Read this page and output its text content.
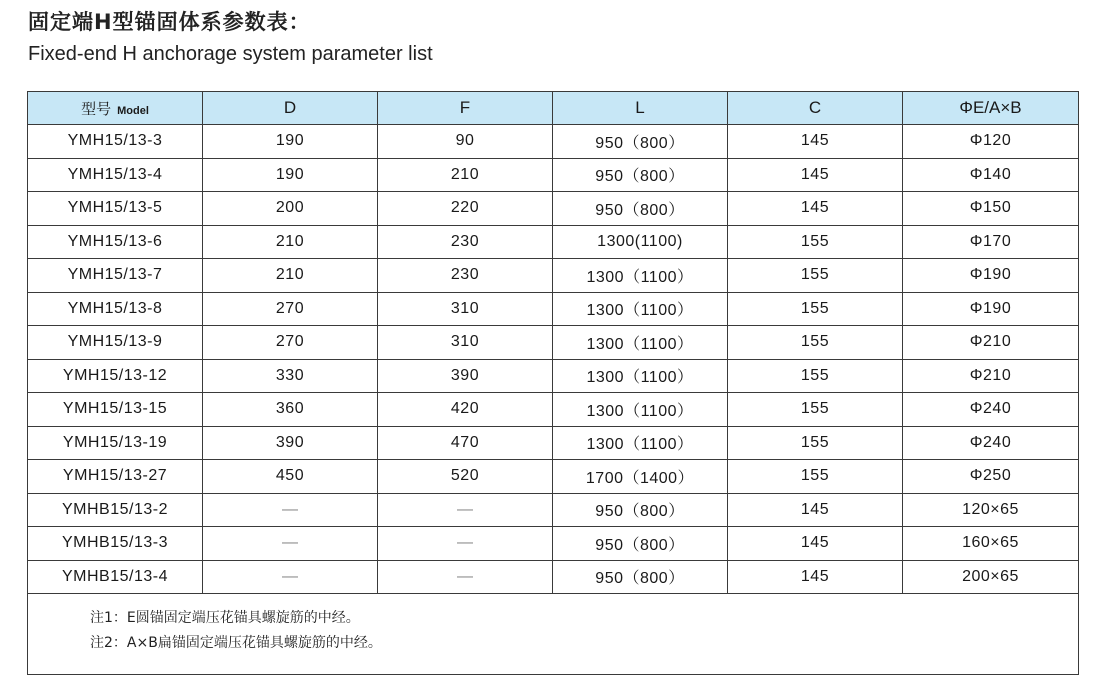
固定端H型锚固体系参数表：
Fixed-end H anchorage system parameter list
型号 Model	D	F	L	C	ΦE/A×B
YMH15/13-3	190	90	950（800）	145	Φ120
YMH15/13-4	190	210	950（800）	145	Φ140
YMH15/13-5	200	220	950（800）	145	Φ150
YMH15/13-6	210	230	1300(1100)	155	Φ170
YMH15/13-7	210	230	1300（1100）	155	Φ190
YMH15/13-8	270	310	1300（1100）	155	Φ190
YMH15/13-9	270	310	1300（1100）	155	Φ210
YMH15/13-12	330	390	1300（1100）	155	Φ210
YMH15/13-15	360	420	1300（1100）	155	Φ240
YMH15/13-19	390	470	1300（1100）	155	Φ240
YMH15/13-27	450	520	1700（1400）	155	Φ250
YMHB15/13-2	—	—	950（800）	145	120×65
YMHB15/13-3	—	—	950（800）	145	160×65
YMHB15/13-4	—	—	950（800）	145	200×65

注1：E圆锚固定端压花锚具螺旋筋的中经。
注2：A×B扁锚固定端压花锚具螺旋筋的中经。					
